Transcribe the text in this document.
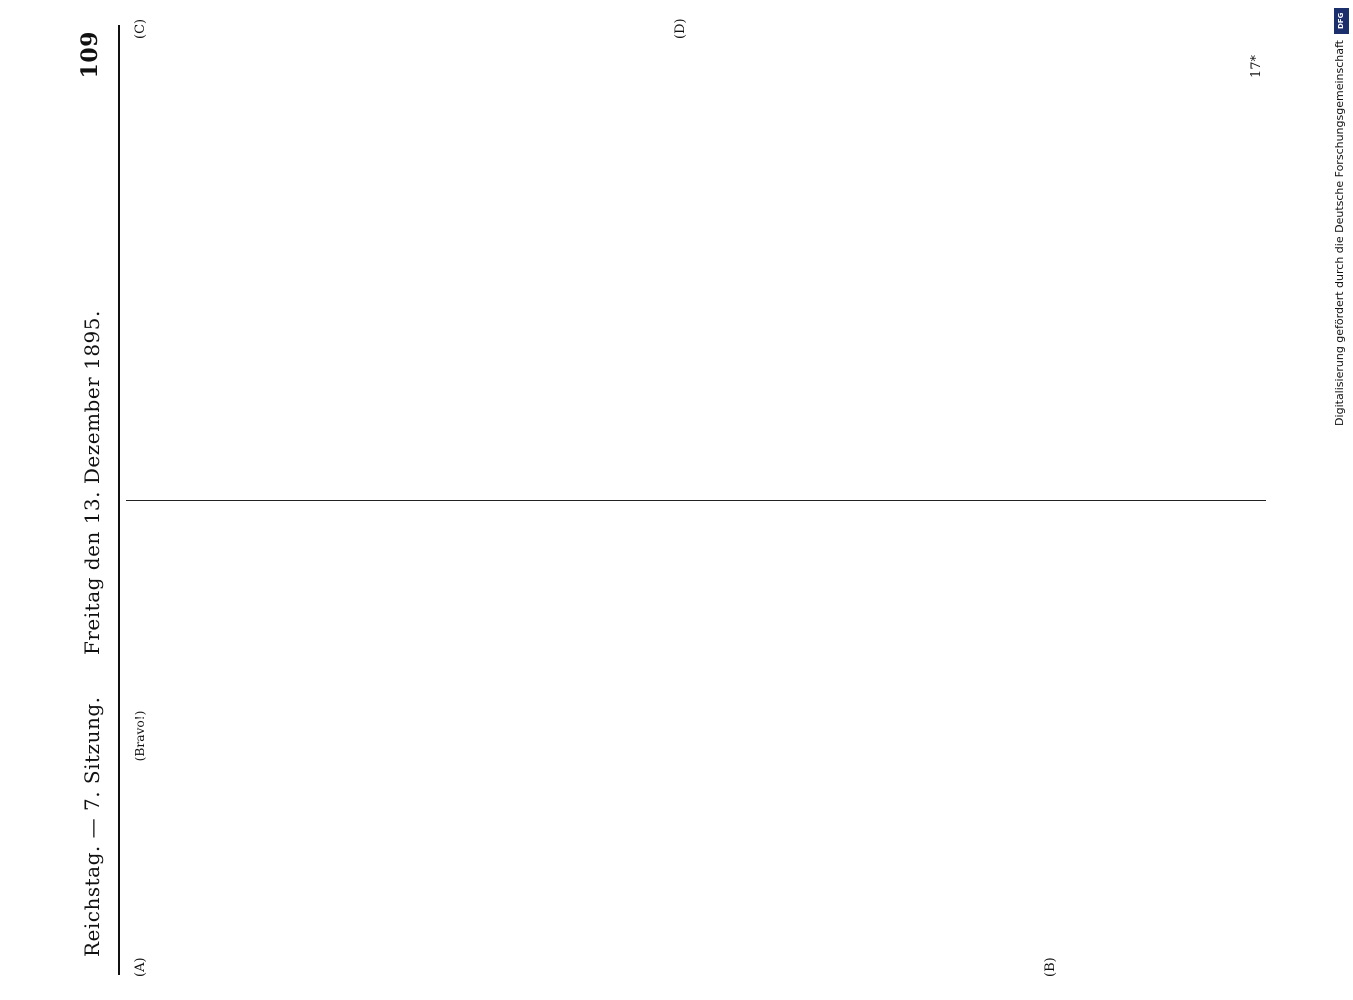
Reichstag. — 7. Sitzung.
Freitag den 13. Dezember 1895.
109
(A)	(B)
(C)	(D)

(Bravo!)

17*
DFG
Digitalisierung gefördert durch die Deutsche Forschungsgemeinschaft
